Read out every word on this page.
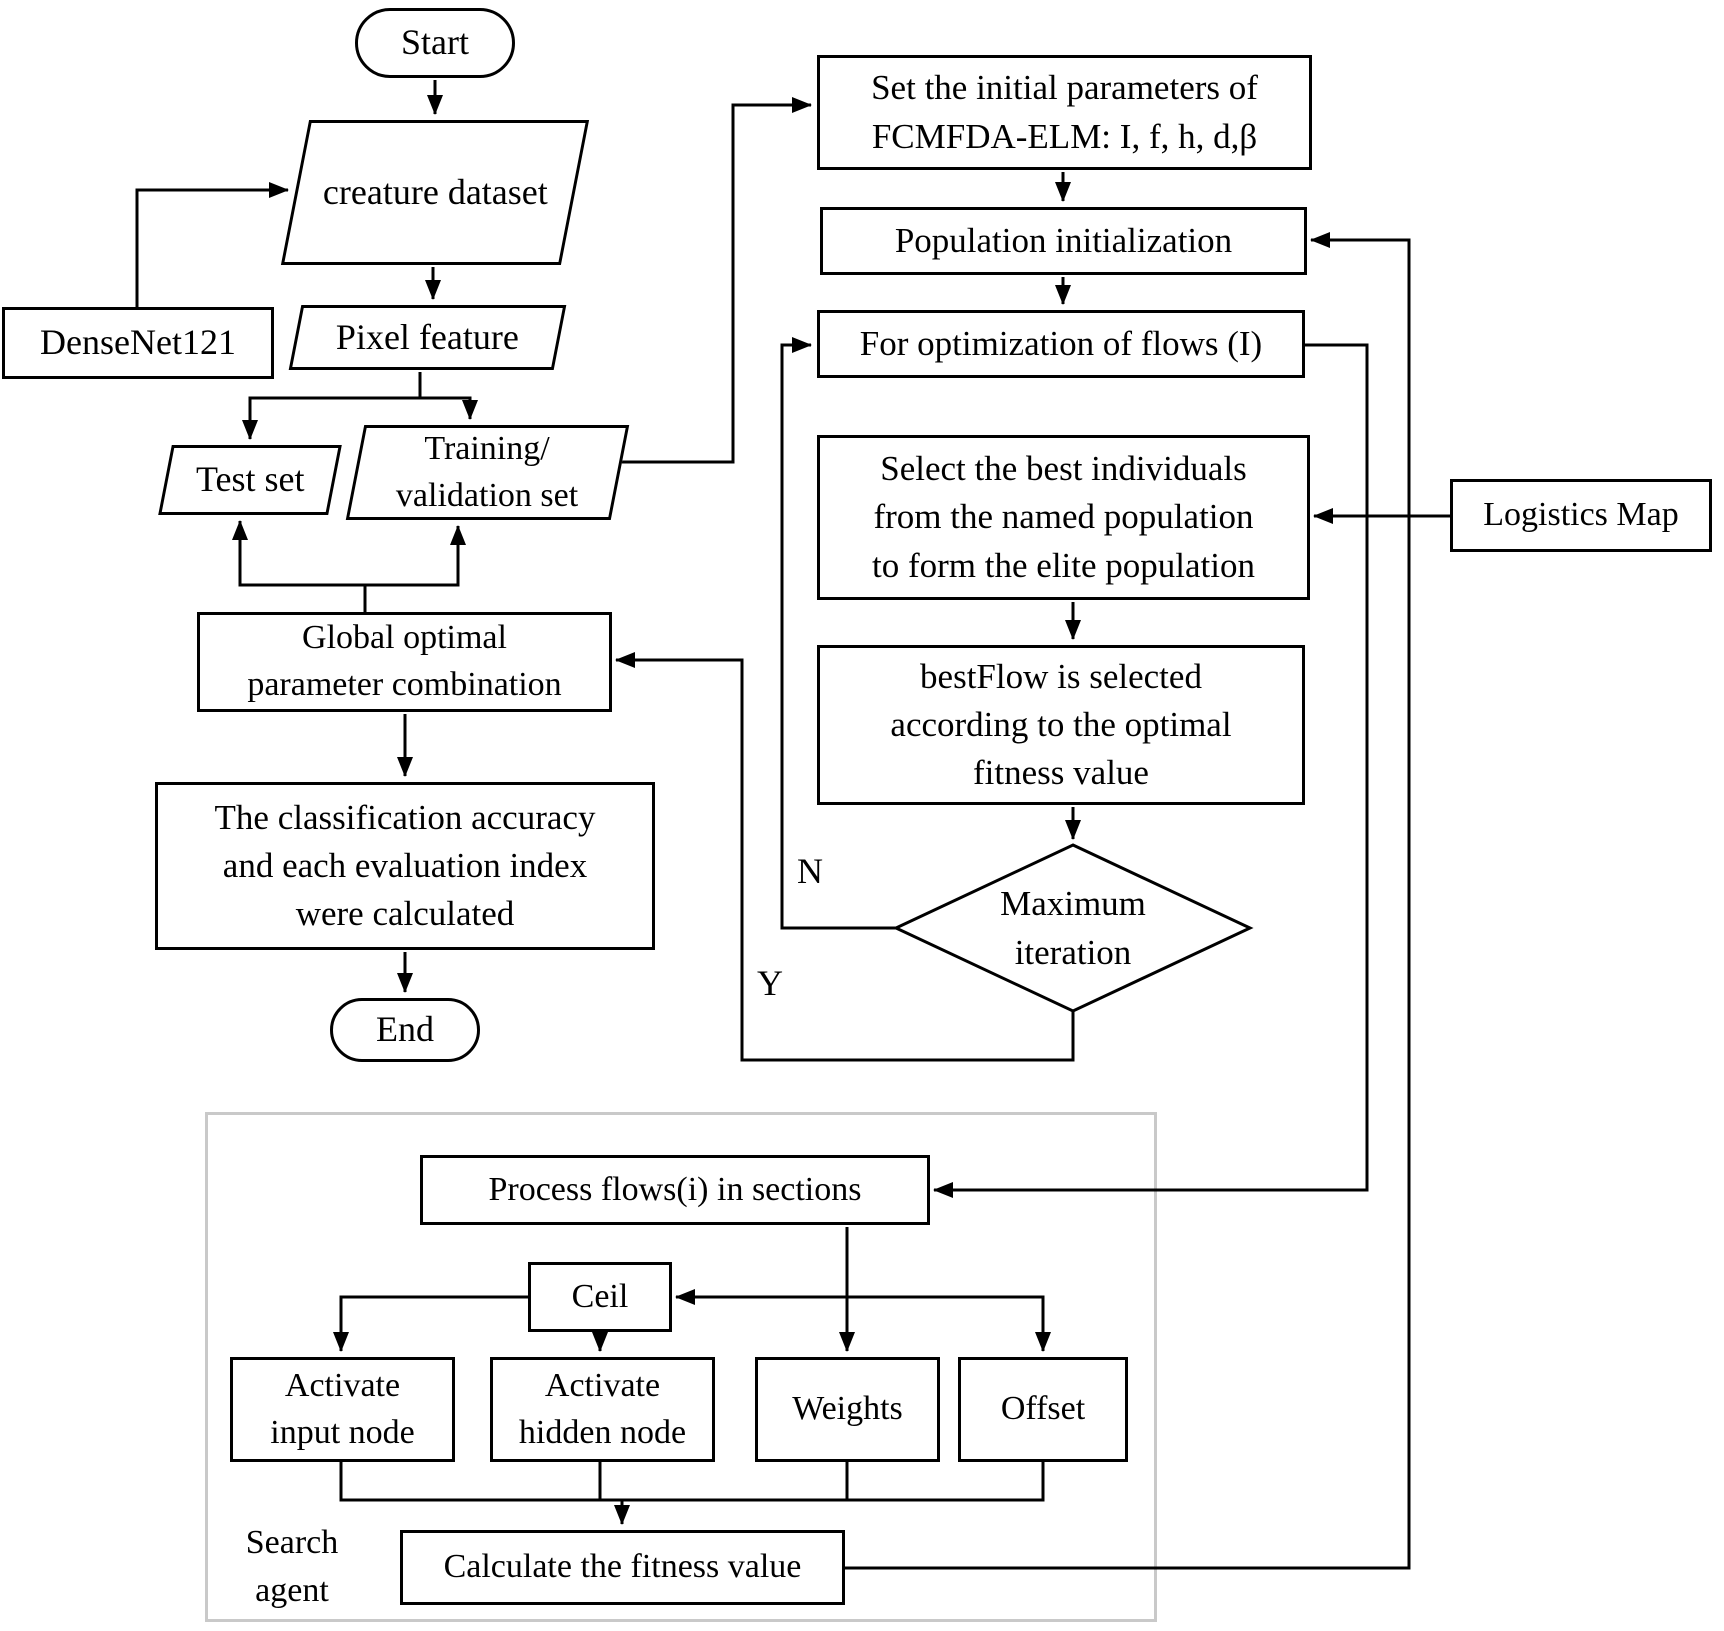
Start
creature dataset
DenseNet121	Pixel feature
Test set
Training/
validation set
Global optimal
parameter combination
The classification accuracy
and each evaluation index
were calculated
End
Set the initial parameters of
FCMFDA-ELM: I, f, h, d,β
Population initialization
For optimization of flows (I)
Select the best individuals
from the named population
to form the elite population
bestFlow is selected
according to the optimal
fitness value
Maximum
iteration
Logistics Map
Process flows(i) in sections
Ceil
Activate
input node
Activate
hidden node
Weights	Offset
Calculate the fitness value
Search
agent
N
Y
